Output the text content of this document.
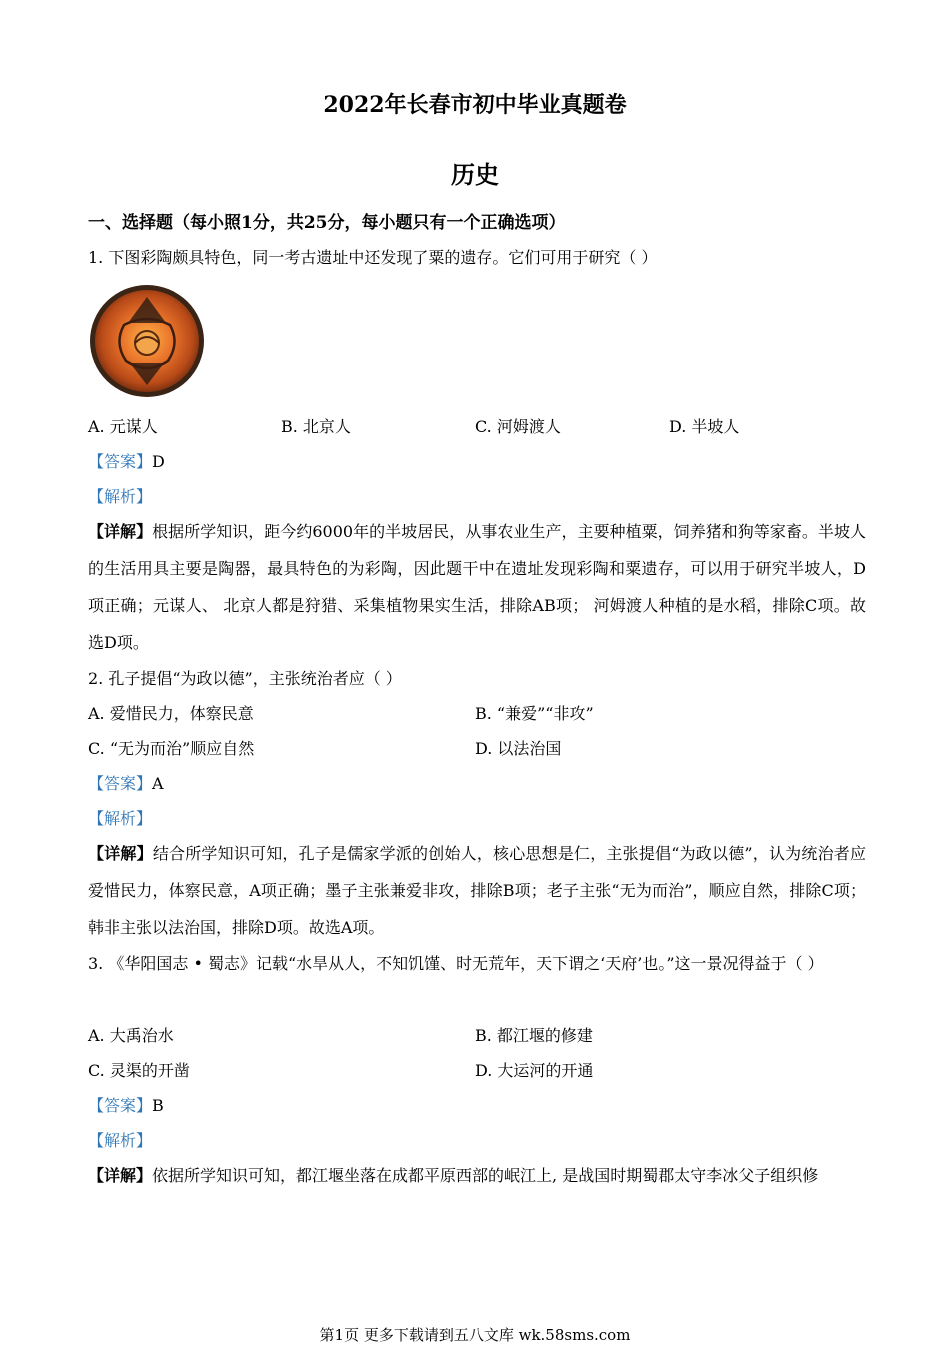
2022年长春市初中毕业真题卷
历史
一、选择题（每小照1分，共25分，每小题只有一个正确选项）
1. 下图彩陶颇具特色，同一考古遗址中还发现了粟的遗存。它们可用于研究（ ）
A. 元谋人	B. 北京人	C. 河姆渡人	D. 半坡人
【答案】D
【解析】
【详解】根据所学知识，距今约6000年的半坡居民，从事农业生产，主要种植粟，饲养猪和狗等家畜。半坡人的生活用具主要是陶器，最具特色的为彩陶，因此题干中在遗址发现彩陶和粟遗存，可以用于研究半坡人，D项正确；元谋人、 北京人都是狩猎、采集植物果实生活，排除AB项； 河姆渡人种植的是水稻，排除C项。故选D项。
2. 孔子提倡“为政以德”，主张统治者应（ ）
A. 爱惜民力，体察民意	B. “兼爱”“非攻”
C. “无为而治”顺应自然	D. 以法治国
【答案】A
【解析】
【详解】结合所学知识可知，孔子是儒家学派的创始人，核心思想是仁，主张提倡“为政以德”，认为统治者应爱惜民力，体察民意，A项正确；墨子主张兼爱非攻，排除B项；老子主张“无为而治”，顺应自然，排除C项；韩非主张以法治国，排除D项。故选A项。
3. 《华阳国志 • 蜀志》记载“水旱从人，不知饥馑、时无荒年，天下谓之‘天府’也。”这一景况得益于（ ）
A. 大禹治水	B. 都江堰的修建
C. 灵渠的开凿	D. 大运河的开通
【答案】B
【解析】
【详解】依据所学知识可知，都江堰坐落在成都平原西部的岷江上, 是战国时期蜀郡太守李冰父子组织修
第1页 更多下载请到五八文库 wk.58sms.com
